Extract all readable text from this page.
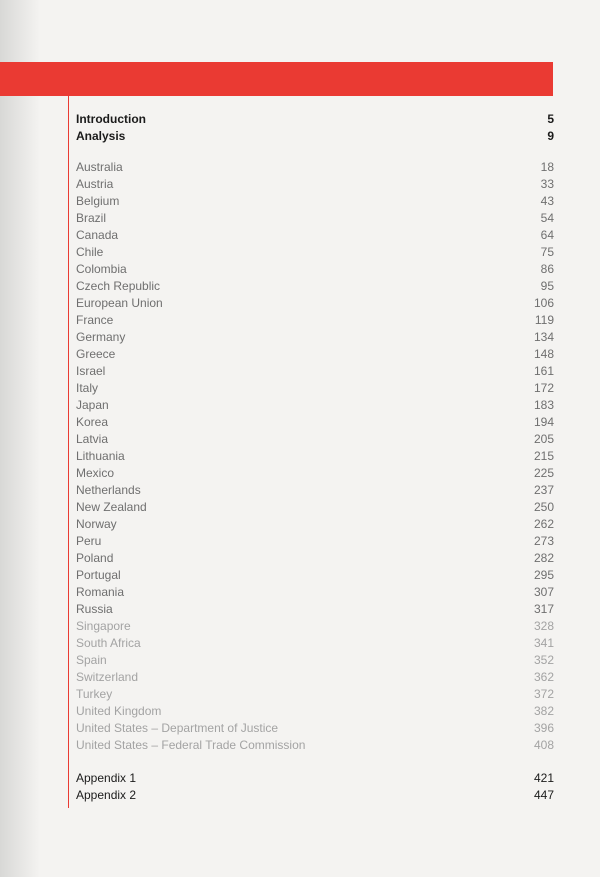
Introduction	5
Analysis	9
Australia	18
Austria	33
Belgium	43
Brazil	54
Canada	64
Chile	75
Colombia	86
Czech Republic	95
European Union	106
France	119
Germany	134
Greece	148
Israel	161
Italy	172
Japan	183
Korea	194
Latvia	205
Lithuania	215
Mexico	225
Netherlands	237
New Zealand	250
Norway	262
Peru	273
Poland	282
Portugal	295
Romania	307
Russia	317
Singapore	328
South Africa	341
Spain	352
Switzerland	362
Turkey	372
United Kingdom	382
United States – Department of Justice	396
United States – Federal Trade Commission	408
Appendix 1	421
Appendix 2	447
